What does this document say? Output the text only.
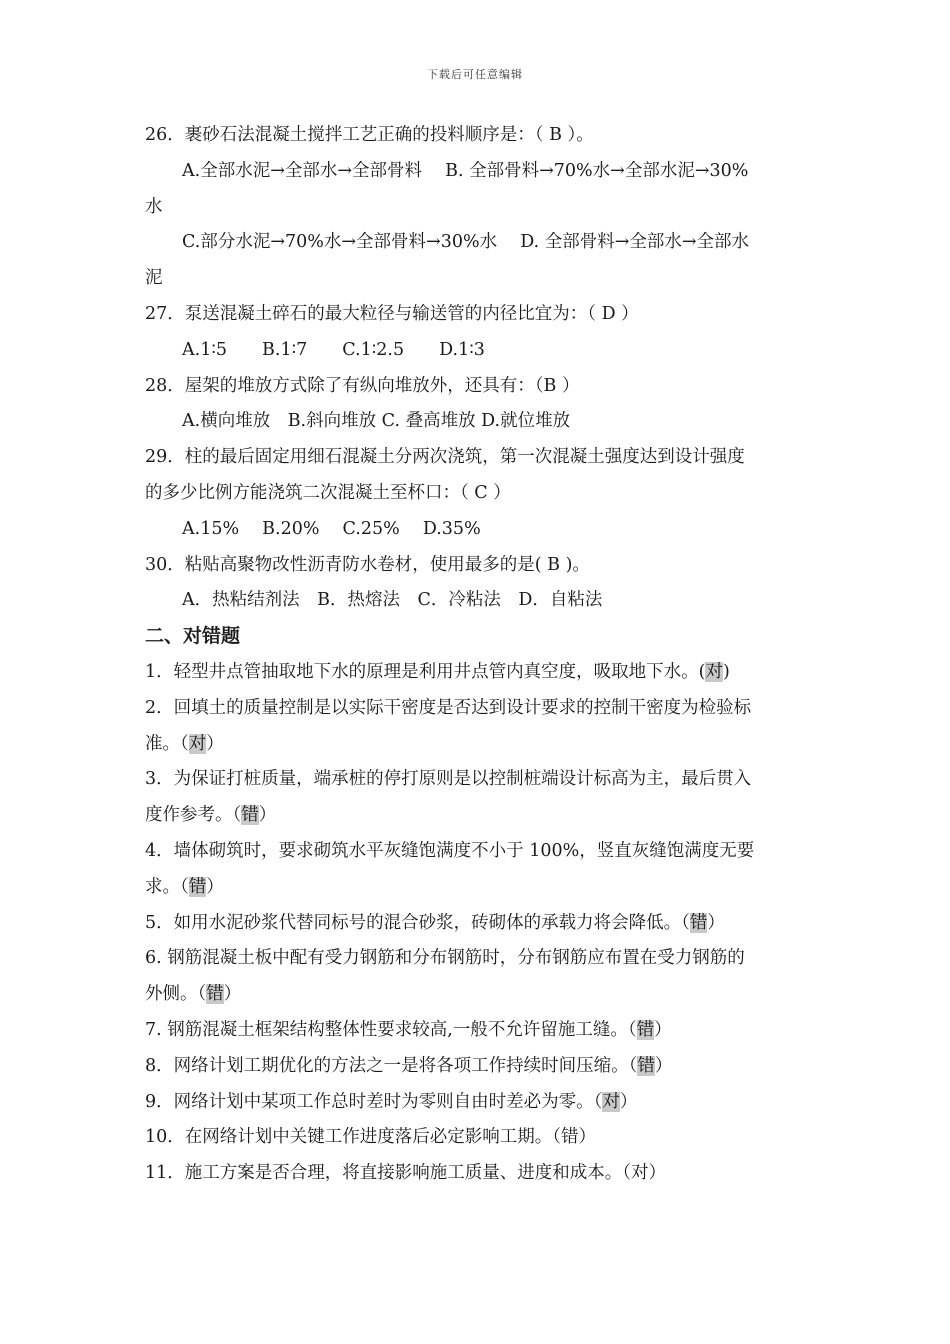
下载后可任意编辑
26．裹砂石法混凝土搅拌工艺正确的投料顺序是：（ B ）。
A.全部水泥→全部水→全部骨料　 B. 全部骨料→70%水→全部水泥→30%
水
C.部分水泥→70%水→全部骨料→30%水　 D. 全部骨料→全部水→全部水
泥
27．泵送混凝土碎石的最大粒径与输送管的内径比宜为：（ D ）
A.1∶5　　B.1∶7　　C.1∶2.5　　D.1∶3
28．屋架的堆放方式除了有纵向堆放外，还具有：（B ）
A.横向堆放　B.斜向堆放 C. 叠高堆放 D.就位堆放
29．柱的最后固定用细石混凝土分两次浇筑，第一次混凝土强度达到设计强度
的多少比例方能浇筑二次混凝土至杯口：（ C ）
A.15%　 B.20%　 C.25%　 D.35%
30．粘贴高聚物改性沥青防水卷材，使用最多的是( B )。
A．热粘结剂法　B．热熔法　C．冷粘法　D．自粘法
二、对错题
1．轻型井点管抽取地下水的原理是利用井点管内真空度，吸取地下水。(对)
2．回填土的质量控制是以实际干密度是否达到设计要求的控制干密度为检验标
准。（对）
3．为保证打桩质量，端承桩的停打原则是以控制桩端设计标高为主，最后贯入
度作参考。（错）
4．墙体砌筑时，要求砌筑水平灰缝饱满度不小于 100%，竖直灰缝饱满度无要
求。（错）
5．如用水泥砂浆代替同标号的混合砂浆，砖砌体的承载力将会降低。（错）
6. 钢筋混凝土板中配有受力钢筋和分布钢筋时，分布钢筋应布置在受力钢筋的
外侧。（错）
7. 钢筋混凝土框架结构整体性要求较高,一般不允许留施工缝。（错）
8．网络计划工期优化的方法之一是将各项工作持续时间压缩。（错）
9．网络计划中某项工作总时差时为零则自由时差必为零。（对）
10．在网络计划中关键工作进度落后必定影响工期。（错）
11．施工方案是否合理，将直接影响施工质量、进度和成本。（对）
